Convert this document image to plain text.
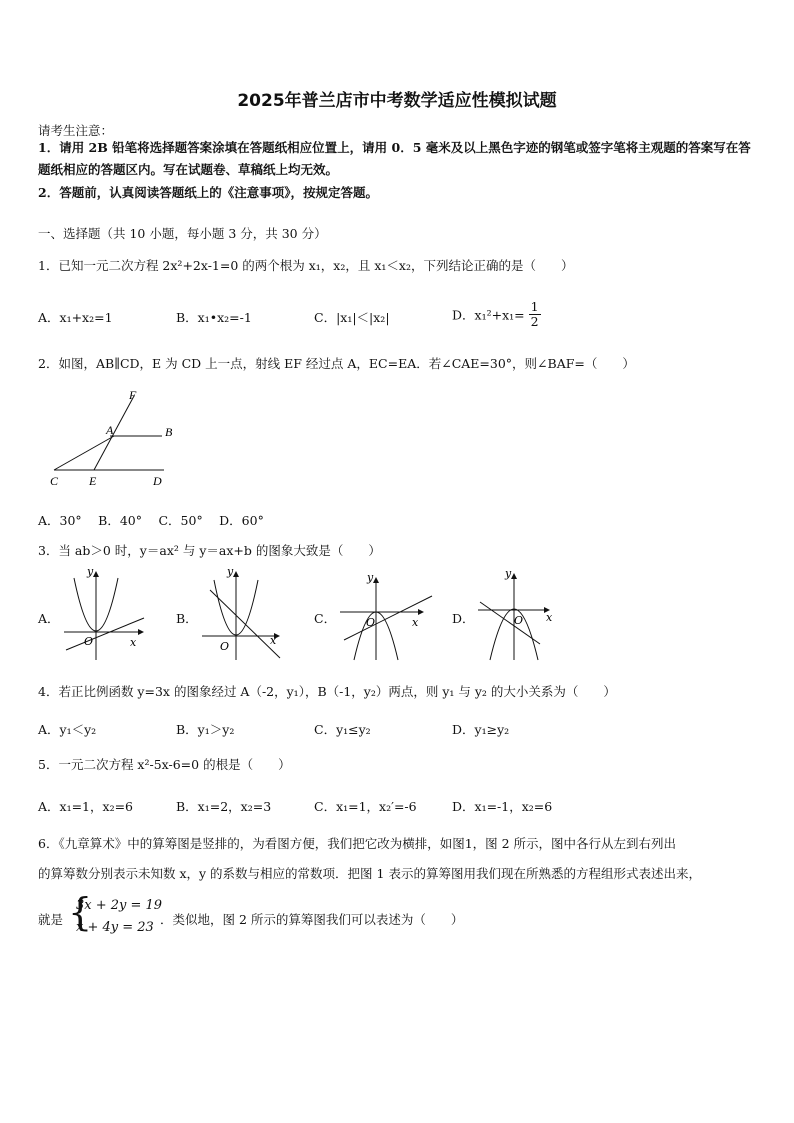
2025年普兰店市中考数学适应性模拟试题
请考生注意：
1．请用 2B 铅笔将选择题答案涂填在答题纸相应位置上，请用 0．5 毫米及以上黑色字迹的钢笔或签字笔将主观题的答案写在答题纸相应的答题区内。写在试题卷、草稿纸上均无效。
2．答题前，认真阅读答题纸上的《注意事项》，按规定答题。
一、选择题（共 10 小题，每小题 3 分，共 30 分）
1．已知一元二次方程 2x²+2x-1=0 的两个根为 x₁，x₂，且 x₁＜x₂，下列结论正确的是（　　）
A．x₁+x₂=1	B．x₁•x₂=-1	C．|x₁|＜|x₂|	D．$x_1^2+x_1= \frac{1}{2}$
2．如图，AB∥CD，E 为 CD 上一点，射线 EF 经过点 A，EC=EA．若∠CAE=30°，则∠BAF=（　　）
F
A	B
C	E	D
A．30°　 B．40°　 C．50°　 D．60°
3．当 ab＞0 时，y＝ax² 与 y＝ax+b 的图象大致是（　　）
A．
y
x
O
B．
y
x
O
C．
y
x
O	D．
y
x
O
4．若正比例函数 y=3x 的图象经过 A（-2，y₁），B（-1，y₂）两点，则 y₁ 与 y₂ 的大小关系为（　　）
A．y₁＜y₂	B．y₁＞y₂	C．y₁≤y₂	D．y₁≥y₂
5．一元二次方程 x²-5x-6=0 的根是（　　）
A．x₁=1，x₂=6	B．x₁=2，x₂=3	C．x₁=1，x₂′=-6	D．x₁=-1，x₂=6
6．《九章算术》中的算筹图是竖排的，为看图方便，我们把它改为横排，如图1，图 2 所示，图中各行从左到右列出
的算筹数分别表示未知数 x，y 的系数与相应的常数项．把图 1 表示的算筹图用我们现在所熟悉的方程组形式表述出来，
就是 {
3x + 2y = 19
x + 4y = 23
．类似地，图 2 所示的算筹图我们可以表述为（　　）
